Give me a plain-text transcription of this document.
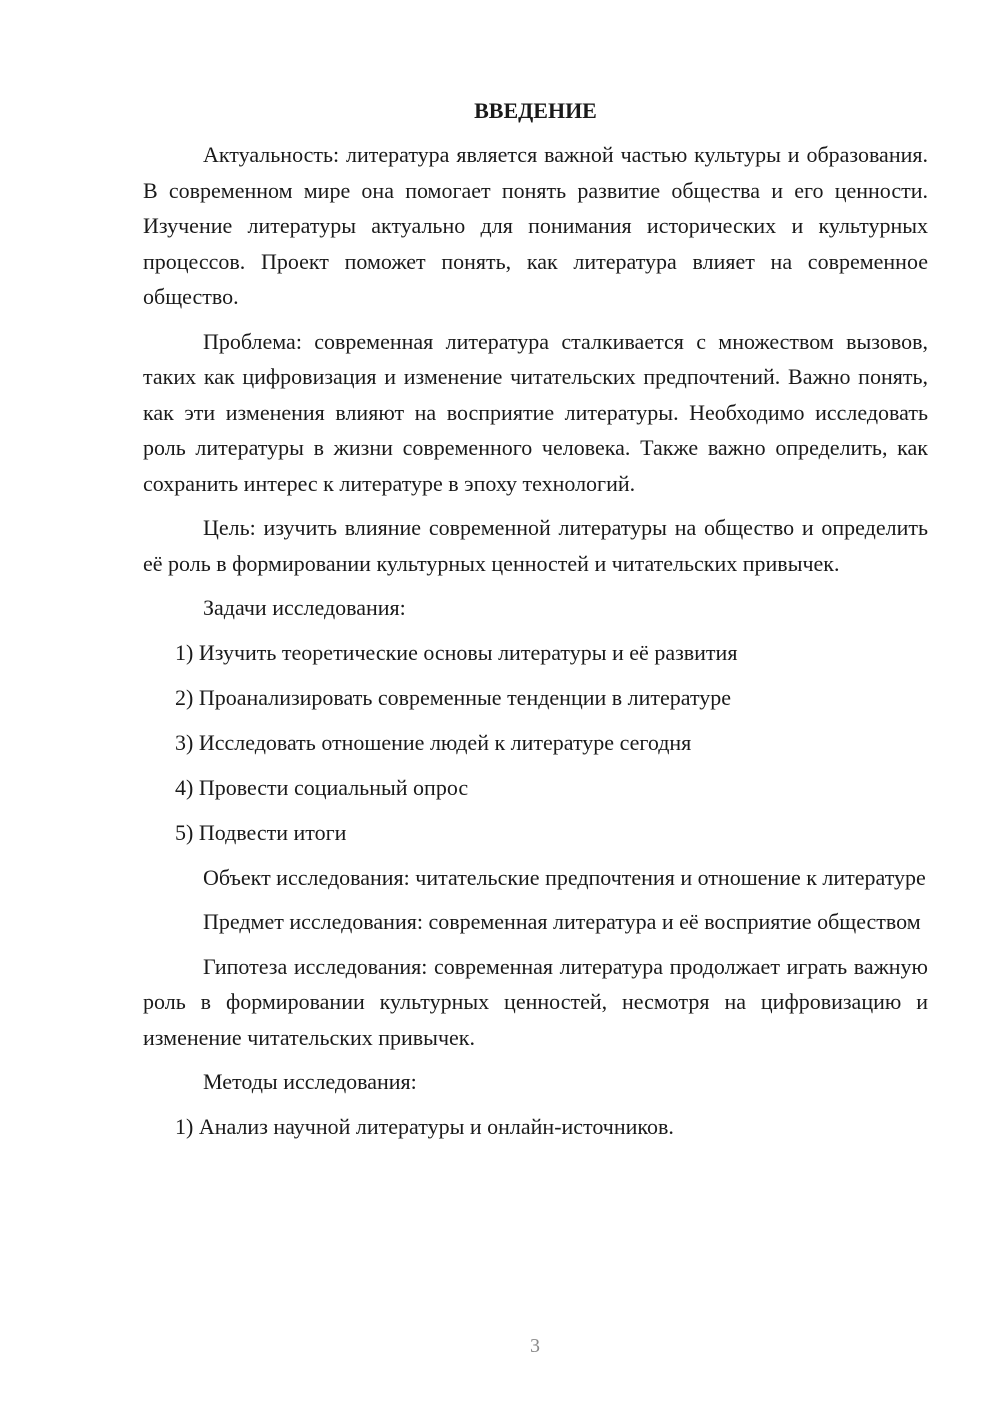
ВВЕДЕНИЕ

Актуальность: литература является важной частью культуры и образования. В современном мире она помогает понять развитие общества и его ценности. Изучение литературы актуально для понимания исторических и культурных процессов. Проект поможет понять, как литература влияет на современное общество.

Проблема: современная литература сталкивается с множеством вызовов, таких как цифровизация и изменение читательских предпочтений. Важно понять, как эти изменения влияют на восприятие литературы. Необходимо исследовать роль литературы в жизни современного человека. Также важно определить, как сохранить интерес к литературе в эпоху технологий.

Цель: изучить влияние современной литературы на общество и определить её роль в формировании культурных ценностей и читательских привычек.

Задачи исследования:

1) Изучить теоретические основы литературы и её развития
2) Проанализировать современные тенденции в литературе
3) Исследовать отношение людей к литературе сегодня
4) Провести социальный опрос
5) Подвести итоги

Объект исследования: читательские предпочтения и отношение к литературе

Предмет исследования: современная литература и её восприятие обществом

Гипотеза исследования: современная литература продолжает играть важную роль в формировании культурных ценностей, несмотря на цифровизацию и изменение читательских привычек.

Методы исследования:

1) Анализ научной литературы и онлайн-источников.
3
